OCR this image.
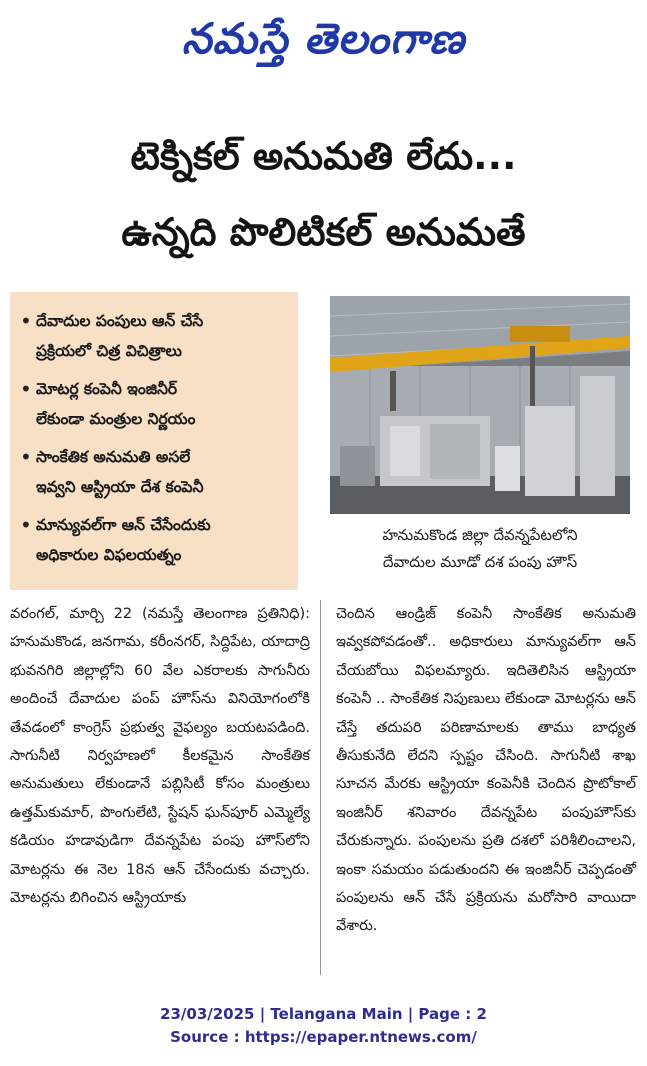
నమస్తే తెలంగాణ
టెక్నికల్ అనుమతి లేదు...
ఉన్నది పొలిటికల్ అనుమతే
• దేవాదుల పంపులు ఆన్ చేసే
ప్రక్రియలో చిత్ర విచిత్రాలు
• మోటర్ల కంపెనీ ఇంజినీర్
లేకుండా మంత్రుల నిర్ణయం
• సాంకేతిక అనుమతి అసలే
ఇవ్వని ఆస్ట్రియా దేశ కంపెనీ
• మాన్యువల్‌గా ఆన్ చేసేందుకు
అధికారుల విఫలయత్నం
హనుమకొండ జిల్లా దేవన్నపేటలోని
దేవాదుల మూడో దశ పంపు హౌస్
వరంగల్, మార్చి 22 (నమస్తే తెలంగాణ ప్రతినిధి): హనుమకొండ, జనగామ, కరీంనగర్, సిద్దిపేట, యాదాద్రి భువనగిరి జిల్లాల్లోని 60 వేల ఎకరాలకు సాగునీరు అందించే దేవాదుల పంప్ హౌస్‌ను వినియోగంలోకి తేవడంలో కాంగ్రెస్ ప్రభుత్వ వైఫల్యం బయటపడింది. సాగునీటి నిర్వహణలో కీలకమైన సాంకేతిక అనుమతులు లేకుండానే పబ్లిసిటీ కోసం మంత్రులు ఉత్తమ్‌కుమార్, పొంగులేటి, స్టేషన్ ఘన్‌పూర్ ఎమ్మెల్యే కడియం హడావుడిగా దేవన్నపేట పంపు హౌస్‌లోని మోటర్లను ఈ నెల 18న ఆన్ చేసేందుకు వచ్చారు. మోటర్లను బిగించిన ఆస్ట్రియాకు
చెందిన ఆండ్రిజ్ కంపెనీ సాంకేతిక అనుమతి ఇవ్వకపోవడంతో.. అధికారులు మాన్యువల్‌గా ఆన్ చేయబోయి విఫలమ్యారు. ఇదితెలిసిన ఆస్ట్రియా కంపెనీ .. సాంకేతిక నిపుణులు లేకుండా మోటర్లను ఆన్ చేస్తే తదుపరి పరిణామాలకు తాము బాధ్యత తీసుకునేది లేదని స్పష్టం చేసింది. సాగునీటి శాఖ సూచన మేరకు ఆస్ట్రియా కంపెనీకి చెందిన ప్రొటోకాల్ ఇంజినీర్ శనివారం దేవన్నపేట పంపుహౌస్‌కు చేరుకున్నారు. పంపులను ప్రతి దశలో పరిశీలించాలని, ఇంకా సమయం పడుతుందని ఈ ఇంజినీర్ చెప్పడంతో పంపులను ఆన్ చేసే ప్రక్రియను మరోసారి వాయిదా వేశారు.
23/03/2025 | Telangana Main | Page : 2
Source : https://epaper.ntnews.com/
